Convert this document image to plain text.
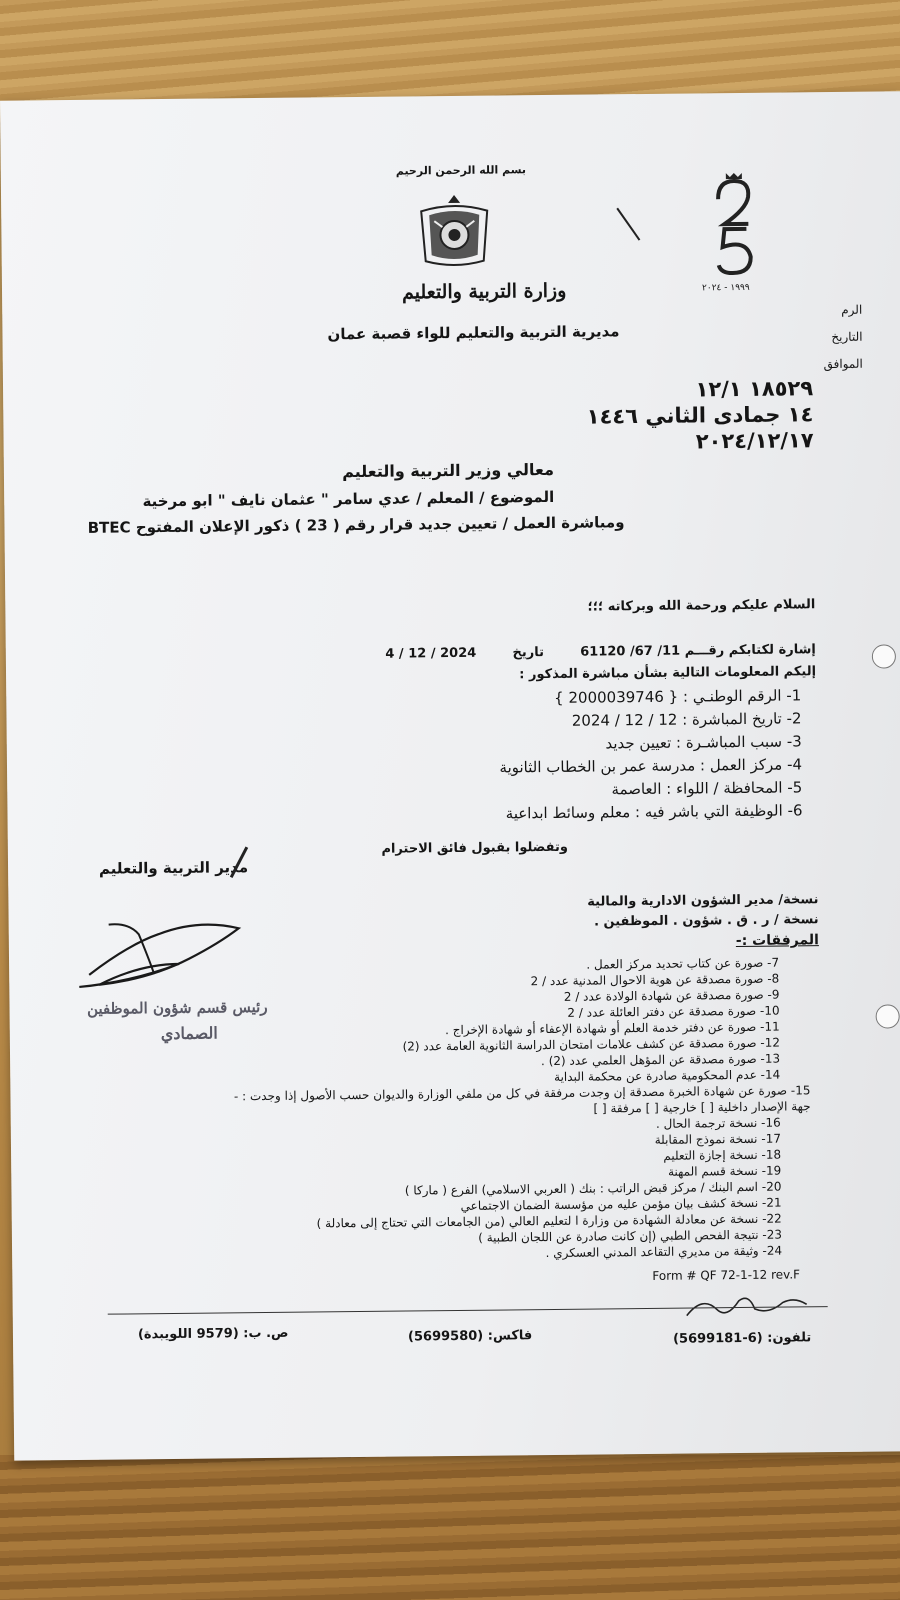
بسم الله الرحمن الرحيم
وزارة التربية والتعليم
مديرية التربية والتعليم للواء قصبة عمان
١٩٩٩ - ٢٠٢٤
الرم
التاريخ
الموافق
١٨٥٢٩ ١٢/١
١٤ جمادى الثاني ١٤٤٦
٢٠٢٤/١٢/١٧
معالي وزير التربية والتعليم
الموضوع / المعلم / عدي سامر " عثمان نايف " ابو مرخية
ومباشرة العمل / تعيين جديد قرار رقم ( 23 ) ذكور الإعلان المفتوح BTEC
السلام عليكم ورحمة الله وبركاته ؛؛؛
إشارة لكتابكم رقـــم 11/ 67/ 61120        تاريخ        2024 / 12 / 4
إليكم المعلومات التالية بشأن مباشرة المذكور :
1- الرقم الوطنـي : { 2000039746 }
2- تاريخ المباشرة : 12 / 12 / 2024
3- سبب المباشـرة : تعيين جديد
4- مركز العمل : مدرسة عمر بن الخطاب الثانوية
5- المحافظة / اللواء : العاصمة
6- الوظيفة التي باشر فيه : معلم وسائط ابداعية
وتفضلوا بقبول فائق الاحترام
مدير التربية والتعليم
رئيس قسم شؤون الموظفين
الصمادي
نسخة/ مدير الشؤون الادارية والمالية
نسخة / ر . ق . شؤون . الموظفين .
المرفقات :-
7- صورة عن كتاب تحديد مركز العمل .
8- صورة مصدقة عن هوية الاحوال المدنية عدد / 2
9- صورة مصدقة عن شهادة الولادة عدد / 2
10- صورة مصدقة عن دفتر العائلة عدد / 2
11- صورة عن دفتر خدمة العلم أو شهادة الإعفاء أو شهادة الإخراج .
12- صورة مصدقة عن كشف علامات امتحان الدراسة الثانوية العامة عدد (2)
13- صورة مصدقة عن المؤهل العلمي عدد (2) .
14- عدم المحكومية صادرة عن محكمة البداية
15- صورة عن شهادة الخبرة مصدقة إن وجدت مرفقة في كل من ملفي الوزارة والديوان حسب الأصول إذا وجدت : -
جهة الإصدار داخلية [ ] خارجية [ ] مرفقة [ ]
16- نسخة ترجمة الحال .
17- نسخة نموذج المقابلة
18- نسخة إجازة التعليم
19- نسخة قسم المهنة
20- اسم البنك / مركز قبض الراتب : بنك ( العربي الاسلامي) الفرع ( ماركا )
21- نسخة كشف بيان مؤمن عليه من مؤسسة الضمان الاجتماعي
22- نسخة عن معادلة الشهادة من وزارة ا لتعليم العالي (من الجامعات التي تحتاج إلى معادلة )
23- نتيجة الفحص الطبي (إن كانت صادرة عن اللجان الطبية )
24- وثيقة من مديري التقاعد المدني العسكري .
Form # QF 72-1-12 rev.F
تلفون: (6-5699181)
فاكس: (5699580)
ص. ب: (9579 اللويبدة)
